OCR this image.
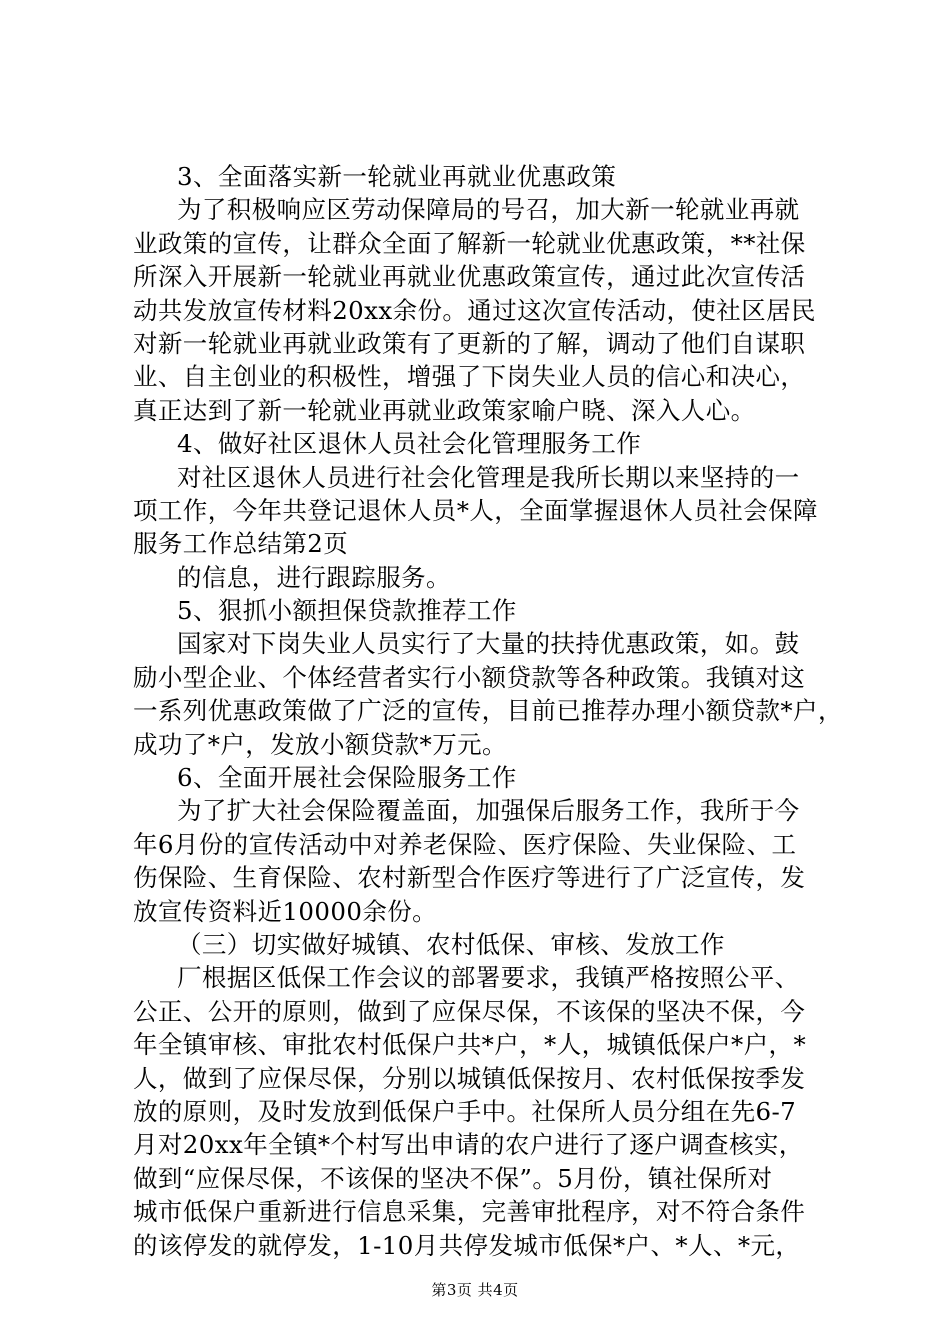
3、全面落实新一轮就业再就业优惠政策
为了积极响应区劳动保障局的号召，加大新一轮就业再就
业政策的宣传，让群众全面了解新一轮就业优惠政策，**社保
所深入开展新一轮就业再就业优惠政策宣传，通过此次宣传活
动共发放宣传材料20xx余份。通过这次宣传活动，使社区居民
对新一轮就业再就业政策有了更新的了解，调动了他们自谋职
业、自主创业的积极性，增强了下岗失业人员的信心和决心，
真正达到了新一轮就业再就业政策家喻户晓、深入人心。
4、做好社区退休人员社会化管理服务工作
对社区退休人员进行社会化管理是我所长期以来坚持的一
项工作，今年共登记退休人员*人，全面掌握退休人员社会保障
服务工作总结第2页
的信息，进行跟踪服务。
5、狠抓小额担保贷款推荐工作
国家对下岗失业人员实行了大量的扶持优惠政策，如。鼓
励小型企业、个体经营者实行小额贷款等各种政策。我镇对这
一系列优惠政策做了广泛的宣传，目前已推荐办理小额贷款*户，
成功了*户，发放小额贷款*万元。
6、全面开展社会保险服务工作
为了扩大社会保险覆盖面，加强保后服务工作，我所于今
年6月份的宣传活动中对养老保险、医疗保险、失业保险、工
伤保险、生育保险、农村新型合作医疗等进行了广泛宣传，发
放宣传资料近10000余份。
（三）切实做好城镇、农村低保、审核、发放工作
厂根据区低保工作会议的部署要求，我镇严格按照公平、
公正、公开的原则，做到了应保尽保，不该保的坚决不保，今
年全镇审核、审批农村低保户共*户，*人，城镇低保户*户，*
人，做到了应保尽保，分别以城镇低保按月、农村低保按季发
放的原则，及时发放到低保户手中。社保所人员分组在先6-7
月对20xx年全镇*个村写出申请的农户进行了逐户调查核实，
做到“应保尽保，不该保的坚决不保”。5月份，镇社保所对
城市低保户重新进行信息采集，完善审批程序，对不符合条件
的该停发的就停发，1-10月共停发城市低保*户、*人、*元，
第3页 共4页
